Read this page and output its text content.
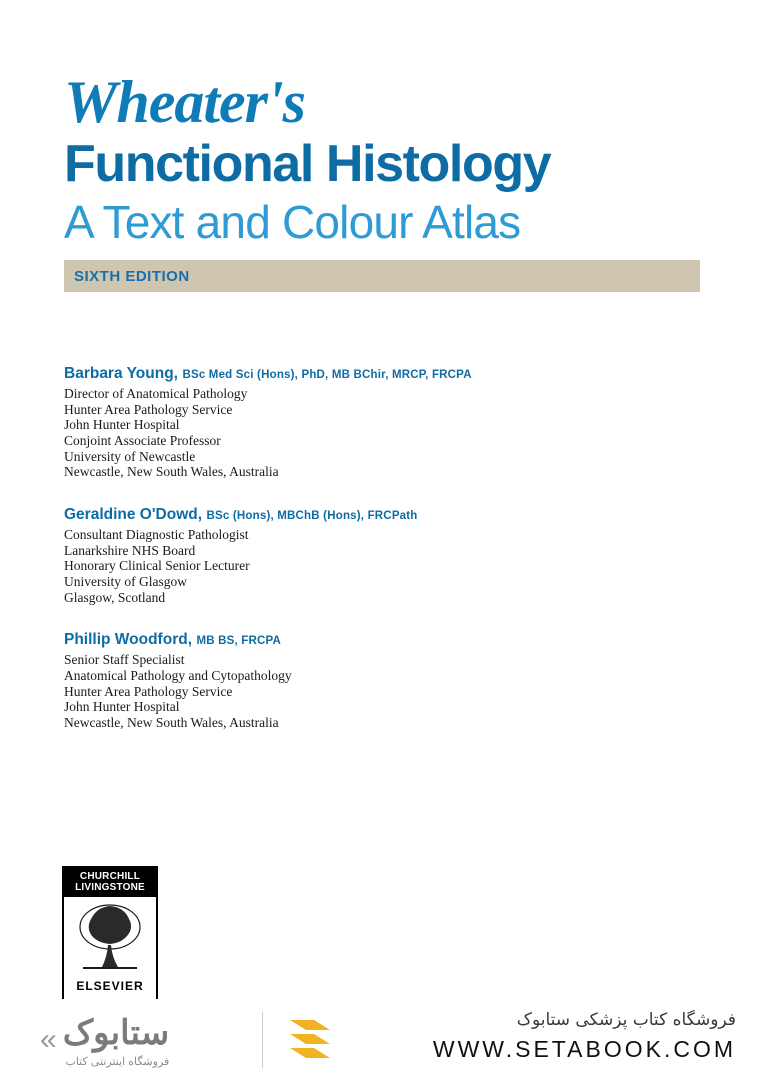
Wheater's
Functional Histology
A Text and Colour Atlas
SIXTH EDITION

Barbara Young, BSc Med Sci (Hons), PhD, MB BChir, MRCP, FRCPA

Director of Anatomical Pathology

Hunter Area Pathology Service

John Hunter Hospital

Conjoint Associate Professor

University of Newcastle

Newcastle, New South Wales, Australia

Geraldine O'Dowd, BSc (Hons), MBChB (Hons), FRCPath

Consultant Diagnostic Pathologist

Lanarkshire NHS Board

Honorary Clinical Senior Lecturer

University of Glasgow

Glasgow, Scotland

Phillip Woodford, MB BS, FRCPA

Senior Staff Specialist

Anatomical Pathology and Cytopathology

Hunter Area Pathology Service

John Hunter Hospital

Newcastle, New South Wales, Australia

CHURCHILL
LIVINGSTONE
ELSEVIER
« ستابوک
فروشگاه اینترنتی کتاب
فروشگاه کتاب پزشکی ستابوک
WWW.SETABOOK.COM
